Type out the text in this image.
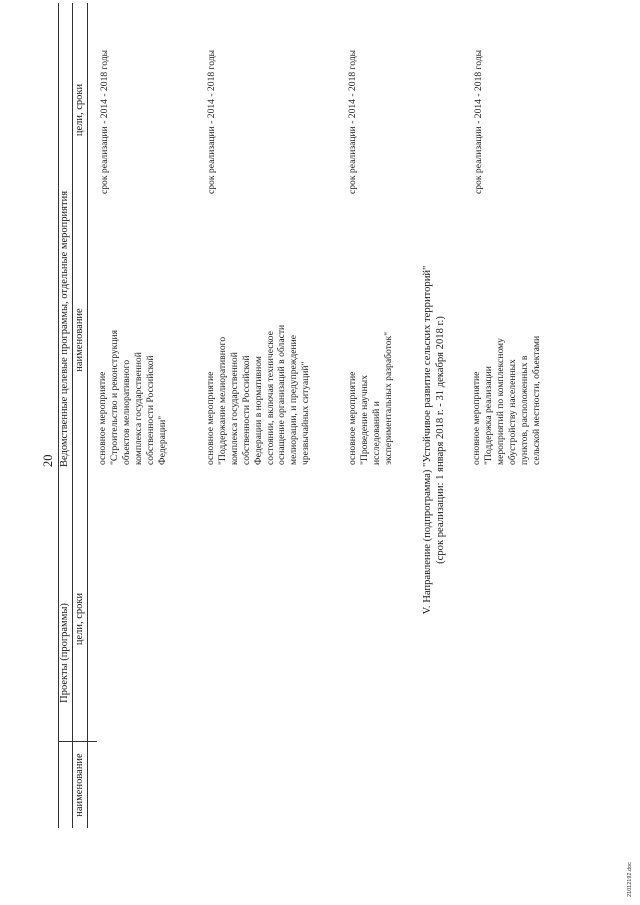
20
Проекты (программы)
Ведомственные целевые программы, отдельные мероприятия
наименование
цели, сроки
наименование
цели, сроки
основное мероприятие
"Строительство и реконструкция
объектов мелиоративного
комплекса государственной
собственности Российской
Федерации"
срок реализации - 2014 - 2018 годы
основное мероприятие
"Поддержание мелиоративного
комплекса государственной
собственности Российской
Федерации в нормативном
состоянии, включая техническое
оснащение организаций в области
мелиорации, и предупреждение
чрезвычайных ситуаций"
срок реализации - 2014 - 2018 годы
основное мероприятие
"Проведение научных
исследований и
экспериментальных разработок"
срок реализации - 2014 - 2018 годы
V. Направление (подпрограмма) "Устойчивое развитие сельских территорий"
(срок реализации: 1 января 2018 г. - 31 декабря 2018 г.)
основное мероприятие
"Поддержка реализации
мероприятий по комплексному
обустройству населенных
пунктов, расположенных в
сельской местности, объектами
срок реализации - 2014 - 2018 годы
21012192.doc
